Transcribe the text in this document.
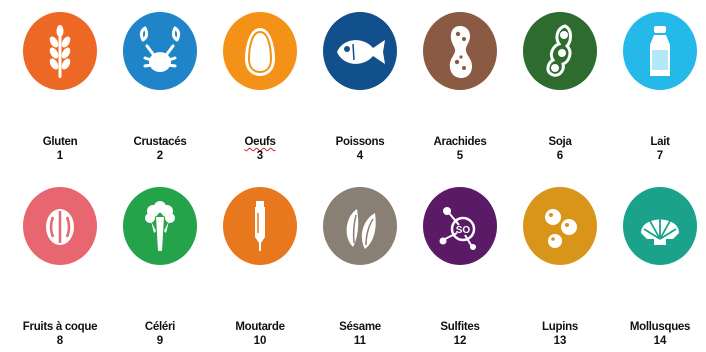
Gluten
1
Crustacés
2
Oeufs
3
Poissons
4
Arachides
5
Soja
6
Lait
7
Fruits à coque
8
Céléri
9
Moutarde
10
Sésame
11
SO
Sulfites
12
Lupins
13
Mollusques
14
